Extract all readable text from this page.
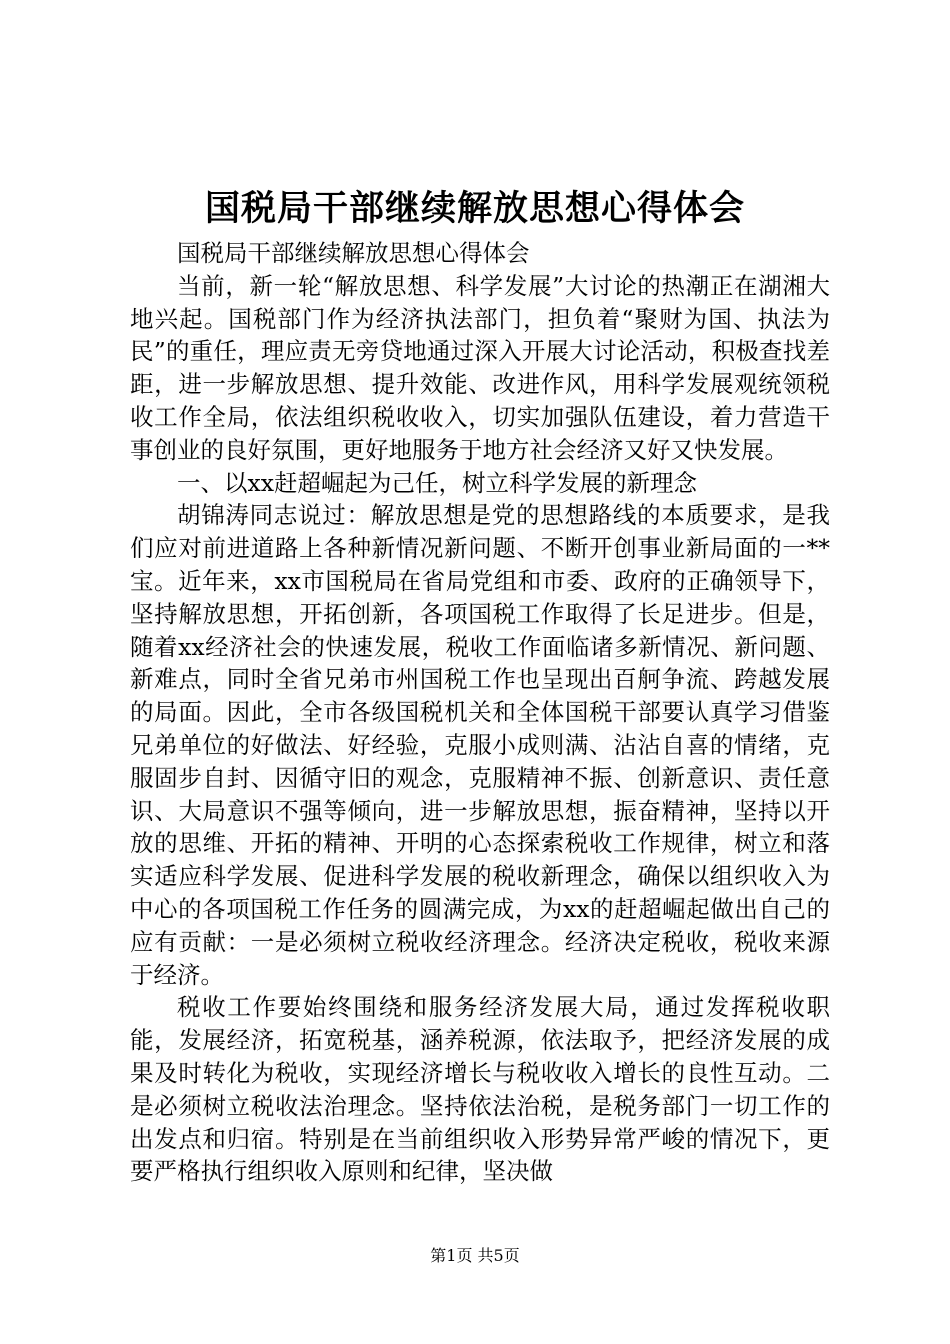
国税局干部继续解放思想心得体会

国税局干部继续解放思想心得体会

当前，新一轮“解放思想、科学发展”大讨论的热潮正在湖湘大地兴起。国税部门作为经济执法部门，担负着“聚财为国、执法为民”的重任，理应责无旁贷地通过深入开展大讨论活动，积极查找差距，进一步解放思想、提升效能、改进作风，用科学发展观统领税收工作全局，依法组织税收收入，切实加强队伍建设，着力营造干事创业的良好氛围，更好地服务于地方社会经济又好又快发展。

一、以xx赶超崛起为己任，树立科学发展的新理念

胡锦涛同志说过：解放思想是党的思想路线的本质要求，是我们应对前进道路上各种新情况新问题、不断开创事业新局面的一**宝。近年来，xx市国税局在省局党组和市委、政府的正确领导下，坚持解放思想，开拓创新，各项国税工作取得了长足进步。但是，随着xx经济社会的快速发展，税收工作面临诸多新情况、新问题、新难点，同时全省兄弟市州国税工作也呈现出百舸争流、跨越发展的局面。因此，全市各级国税机关和全体国税干部要认真学习借鉴兄弟单位的好做法、好经验，克服小成则满、沾沾自喜的情绪，克服固步自封、因循守旧的观念，克服精神不振、创新意识、责任意识、大局意识不强等倾向，进一步解放思想，振奋精神，坚持以开放的思维、开拓的精神、开明的心态探索税收工作规律，树立和落实适应科学发展、促进科学发展的税收新理念，确保以组织收入为中心的各项国税工作任务的圆满完成，为xx的赶超崛起做出自己的应有贡献：一是必须树立税收经济理念。经济决定税收，税收来源于经济。

税收工作要始终围绕和服务经济发展大局，通过发挥税收职能，发展经济，拓宽税基，涵养税源，依法取予，把经济发展的成果及时转化为税收，实现经济增长与税收收入增长的良性互动。二是必须树立税收法治理念。坚持依法治税，是税务部门一切工作的出发点和归宿。特别是在当前组织收入形势异常严峻的情况下，更要严格执行组织收入原则和纪律，坚决做

第1页 共5页
